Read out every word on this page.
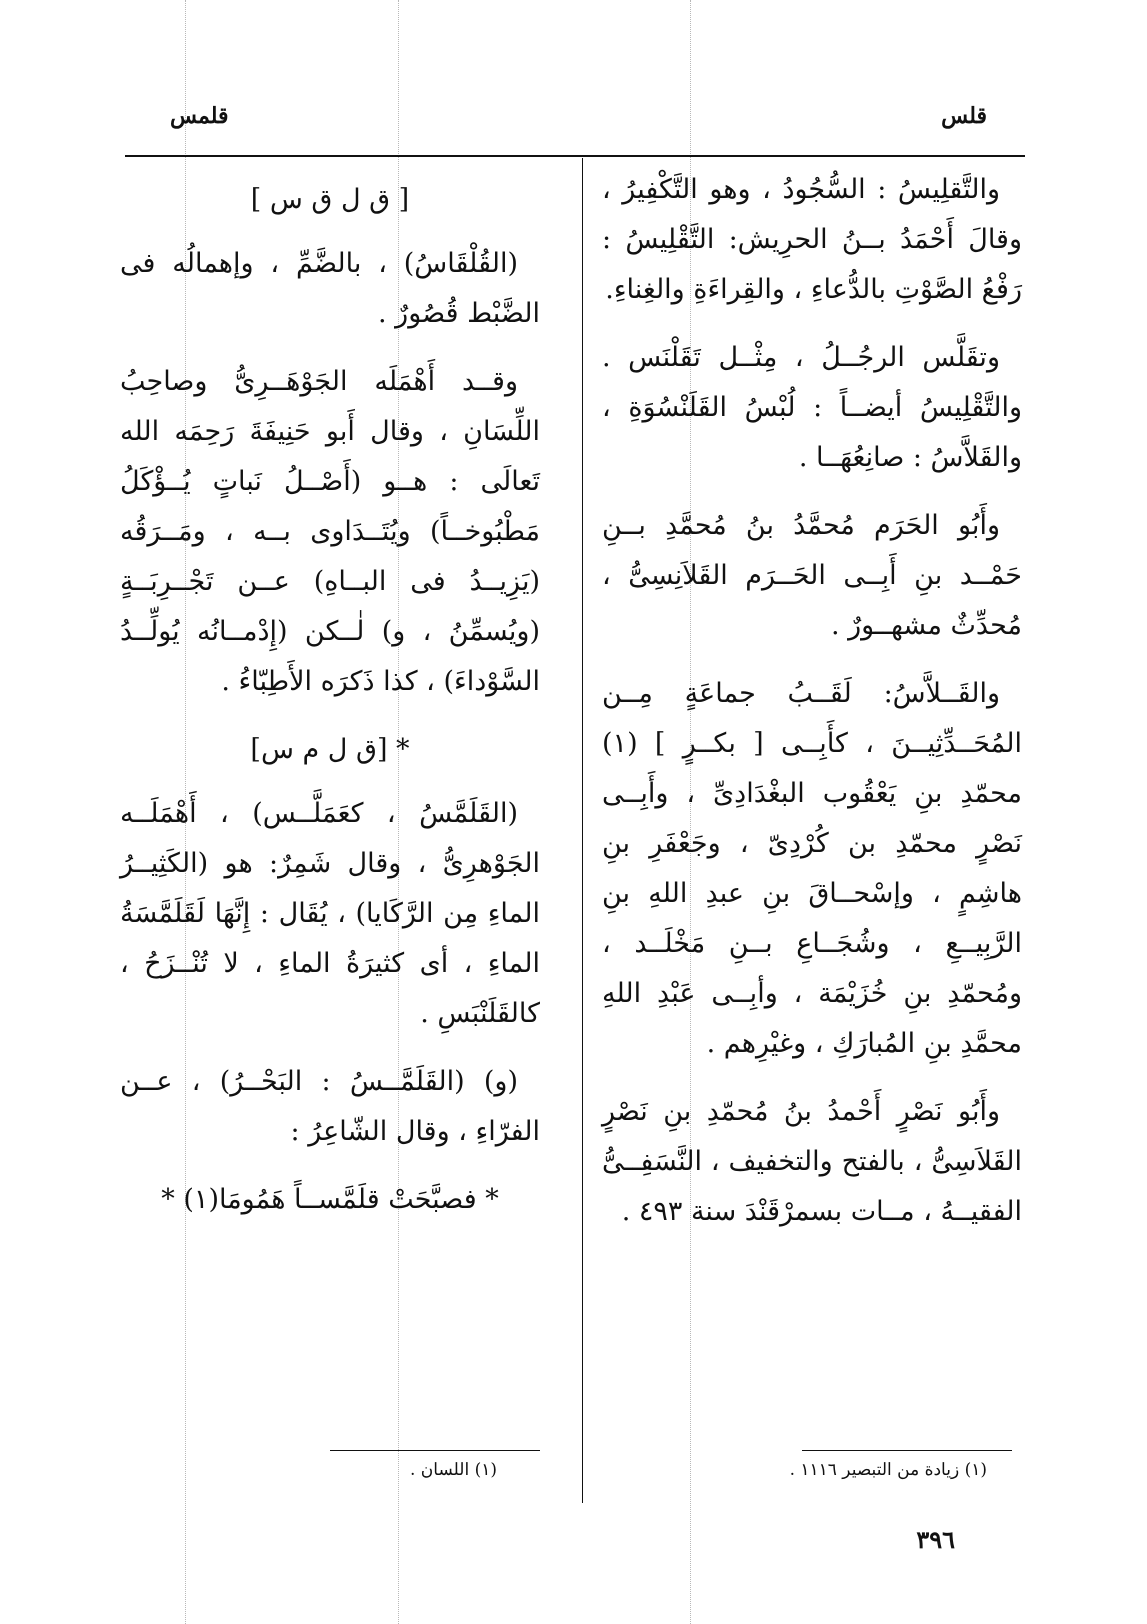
قلس
قلمس

والتَّقلِيسُ : السُّجُودُ ، وهو التَّكْفِيرُ ، وقالَ أَحْمَدُ بــنُ الحرِيش: التَّقْلِيسُ : رَفْعُ الصَّوْتِ بالدُّعاءِ ، والقِراءَةِ والغِناءِ.

وتقَلَّس الرجُــلُ ، مِثْــل تَقَلْنَس . والتَّقْلِيسُ أيضــاً : لُبْسُ القَلَنْسُوَةِ ، والقَلاَّسُ : صانِعُهَــا .

وأَبُو الحَرَم مُحمَّدُ بنُ مُحمَّدِ بــنِ حَمْــد بنِ أَبِــى الحَــرَم القَلاَنِسِىُّ ، مُحدِّثٌ مشهــورٌ .

والقَــلاَّسُ: لَقَــبُ جماعَةٍ مِــن المُحَــدِّثِيــنَ ، كأَبِــى [ بكــرٍ ] (١) محمّدِ بنِ يَعْقُوب البغْدَادِىِّ ، وأَبِــى نَصْرٍ محمّدِ بن كُرْدِىّ ، وجَعْفَرِ بنِ هاشِمٍ ، وإسْحــاقَ بنِ عبدِ اللهِ بنِ الرَّبِيــعِ ، وشُجَــاعِ بــنِ مَخْلَــد ، ومُحمّدِ بنِ خُزَيْمَة ، وأبِــى عَبْدِ اللهِ محمَّدِ بنِ المُبارَكِ ، وغيْرِهم .

وأَبُو نَصْرٍ أَحْمدُ بنُ مُحمّدِ بنِ نَصْرٍ القَلاَسِىُّ ، بالفتح والتخفيف ، النَّسَفِــىُّ الفقيــهُ ، مــات بسمرْقَنْدَ سنة ٤٩٣ .

[ ق ل ق س ]

(القُلْقَاسُ) ، بالضَّمِّ ، وإهمالُه فى الضَّبْط قُصُورٌ .

وقــد أَهْمَلَه الجَوْهَــرِىُّ وصاحِبُ اللِّسَانِ ، وقال أَبو حَنِيفَةَ رَحِمَه الله تَعالَى : هــو (أَصْــلُ نَباتٍ يُــؤْكَلُ مَطْبُوخــاً) ويُتَــدَاوى بــه ، ومَــرَقُه (يَزِيــدُ فى البــاهِ) عــن تَجْــرِبَــةٍ (ويُسمِّنُ ، و) لٰــكن (إِدْمــانُه يُولِّــدُ السَّوْداءَ) ، كذا ذَكرَه الأَطِبّاءُ .

* [ق ل م س]

(القَلَمَّسُ ، كعَمَلَّــس) ، أَهْمَلَــه الجَوْهرِىُّ ، وقال شَمِرٌ: هو (الكَثِيــرُ الماءِ مِن الرَّكَايا) ، يُقَال : إِنَّهَا لَقَلَمَّسَةُ الماءِ ، أى كثيرَةُ الماءِ ، لا تُنْــزَحُ ، كالقَلَنْبَسِ .

(و) (القَلَمَّــسُ : البَحْــرُ) ، عــن الفرّاءِ ، وقال الشّاعِرُ :

* فصبَّحَتْ قلَمَّســاً هَمُومَا(١) *

(١) زيادة من التبصير ١١١٦ .
(١) اللسان .
٣٩٦
